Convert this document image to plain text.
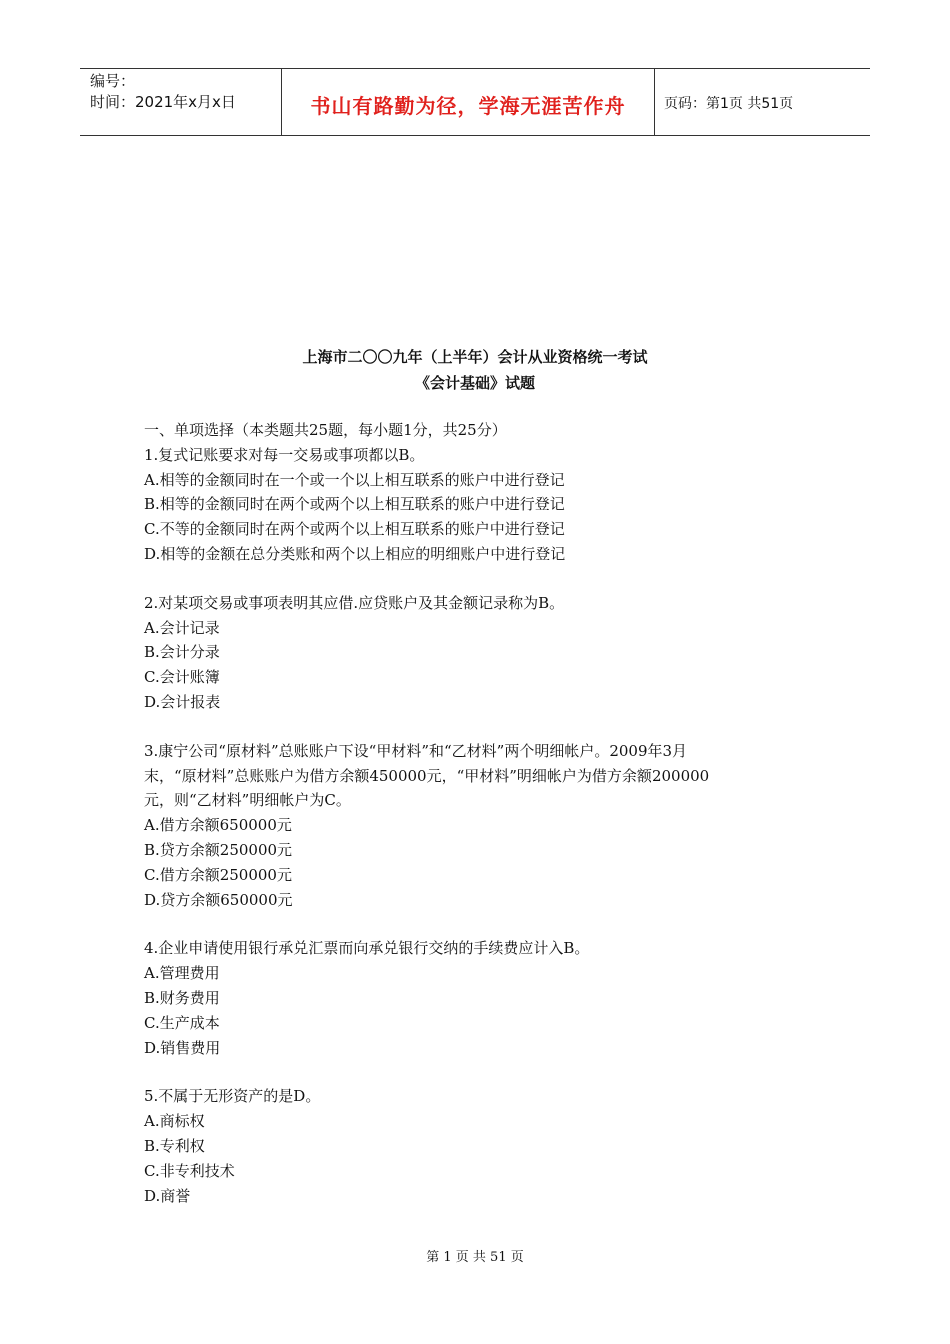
编号：
时间：2021年x月x日	书山有路勤为径，学海无涯苦作舟	页码：第1页 共51页
上海市二〇〇九年（上半年）会计从业资格统一考试
《会计基础》试题

一、单项选择（本类题共25题，每小题1分，共25分）

1.复式记账要求对每一交易或事项都以B。

A.相等的金额同时在一个或一个以上相互联系的账户中进行登记

B.相等的金额同时在两个或两个以上相互联系的账户中进行登记

C.不等的金额同时在两个或两个以上相互联系的账户中进行登记

D.相等的金额在总分类账和两个以上相应的明细账户中进行登记

2.对某项交易或事项表明其应借.应贷账户及其金额记录称为B。

A.会计记录

B.会计分录

C.会计账簿

D.会计报表

3.康宁公司“原材料”总账账户下设“甲材料”和“乙材料”两个明细帐户。2009年3月

末，“原材料”总账账户为借方余额450000元，“甲材料”明细帐户为借方余额200000

元，则“乙材料”明细帐户为C。

A.借方余额650000元

B.贷方余额250000元

C.借方余额250000元

D.贷方余额650000元

4.企业申请使用银行承兑汇票而向承兑银行交纳的手续费应计入B。

A.管理费用

B.财务费用

C.生产成本

D.销售费用

5.不属于无形资产的是D。

A.商标权

B.专利权

C.非专利技术

D.商誉

第 1 页 共 51 页
